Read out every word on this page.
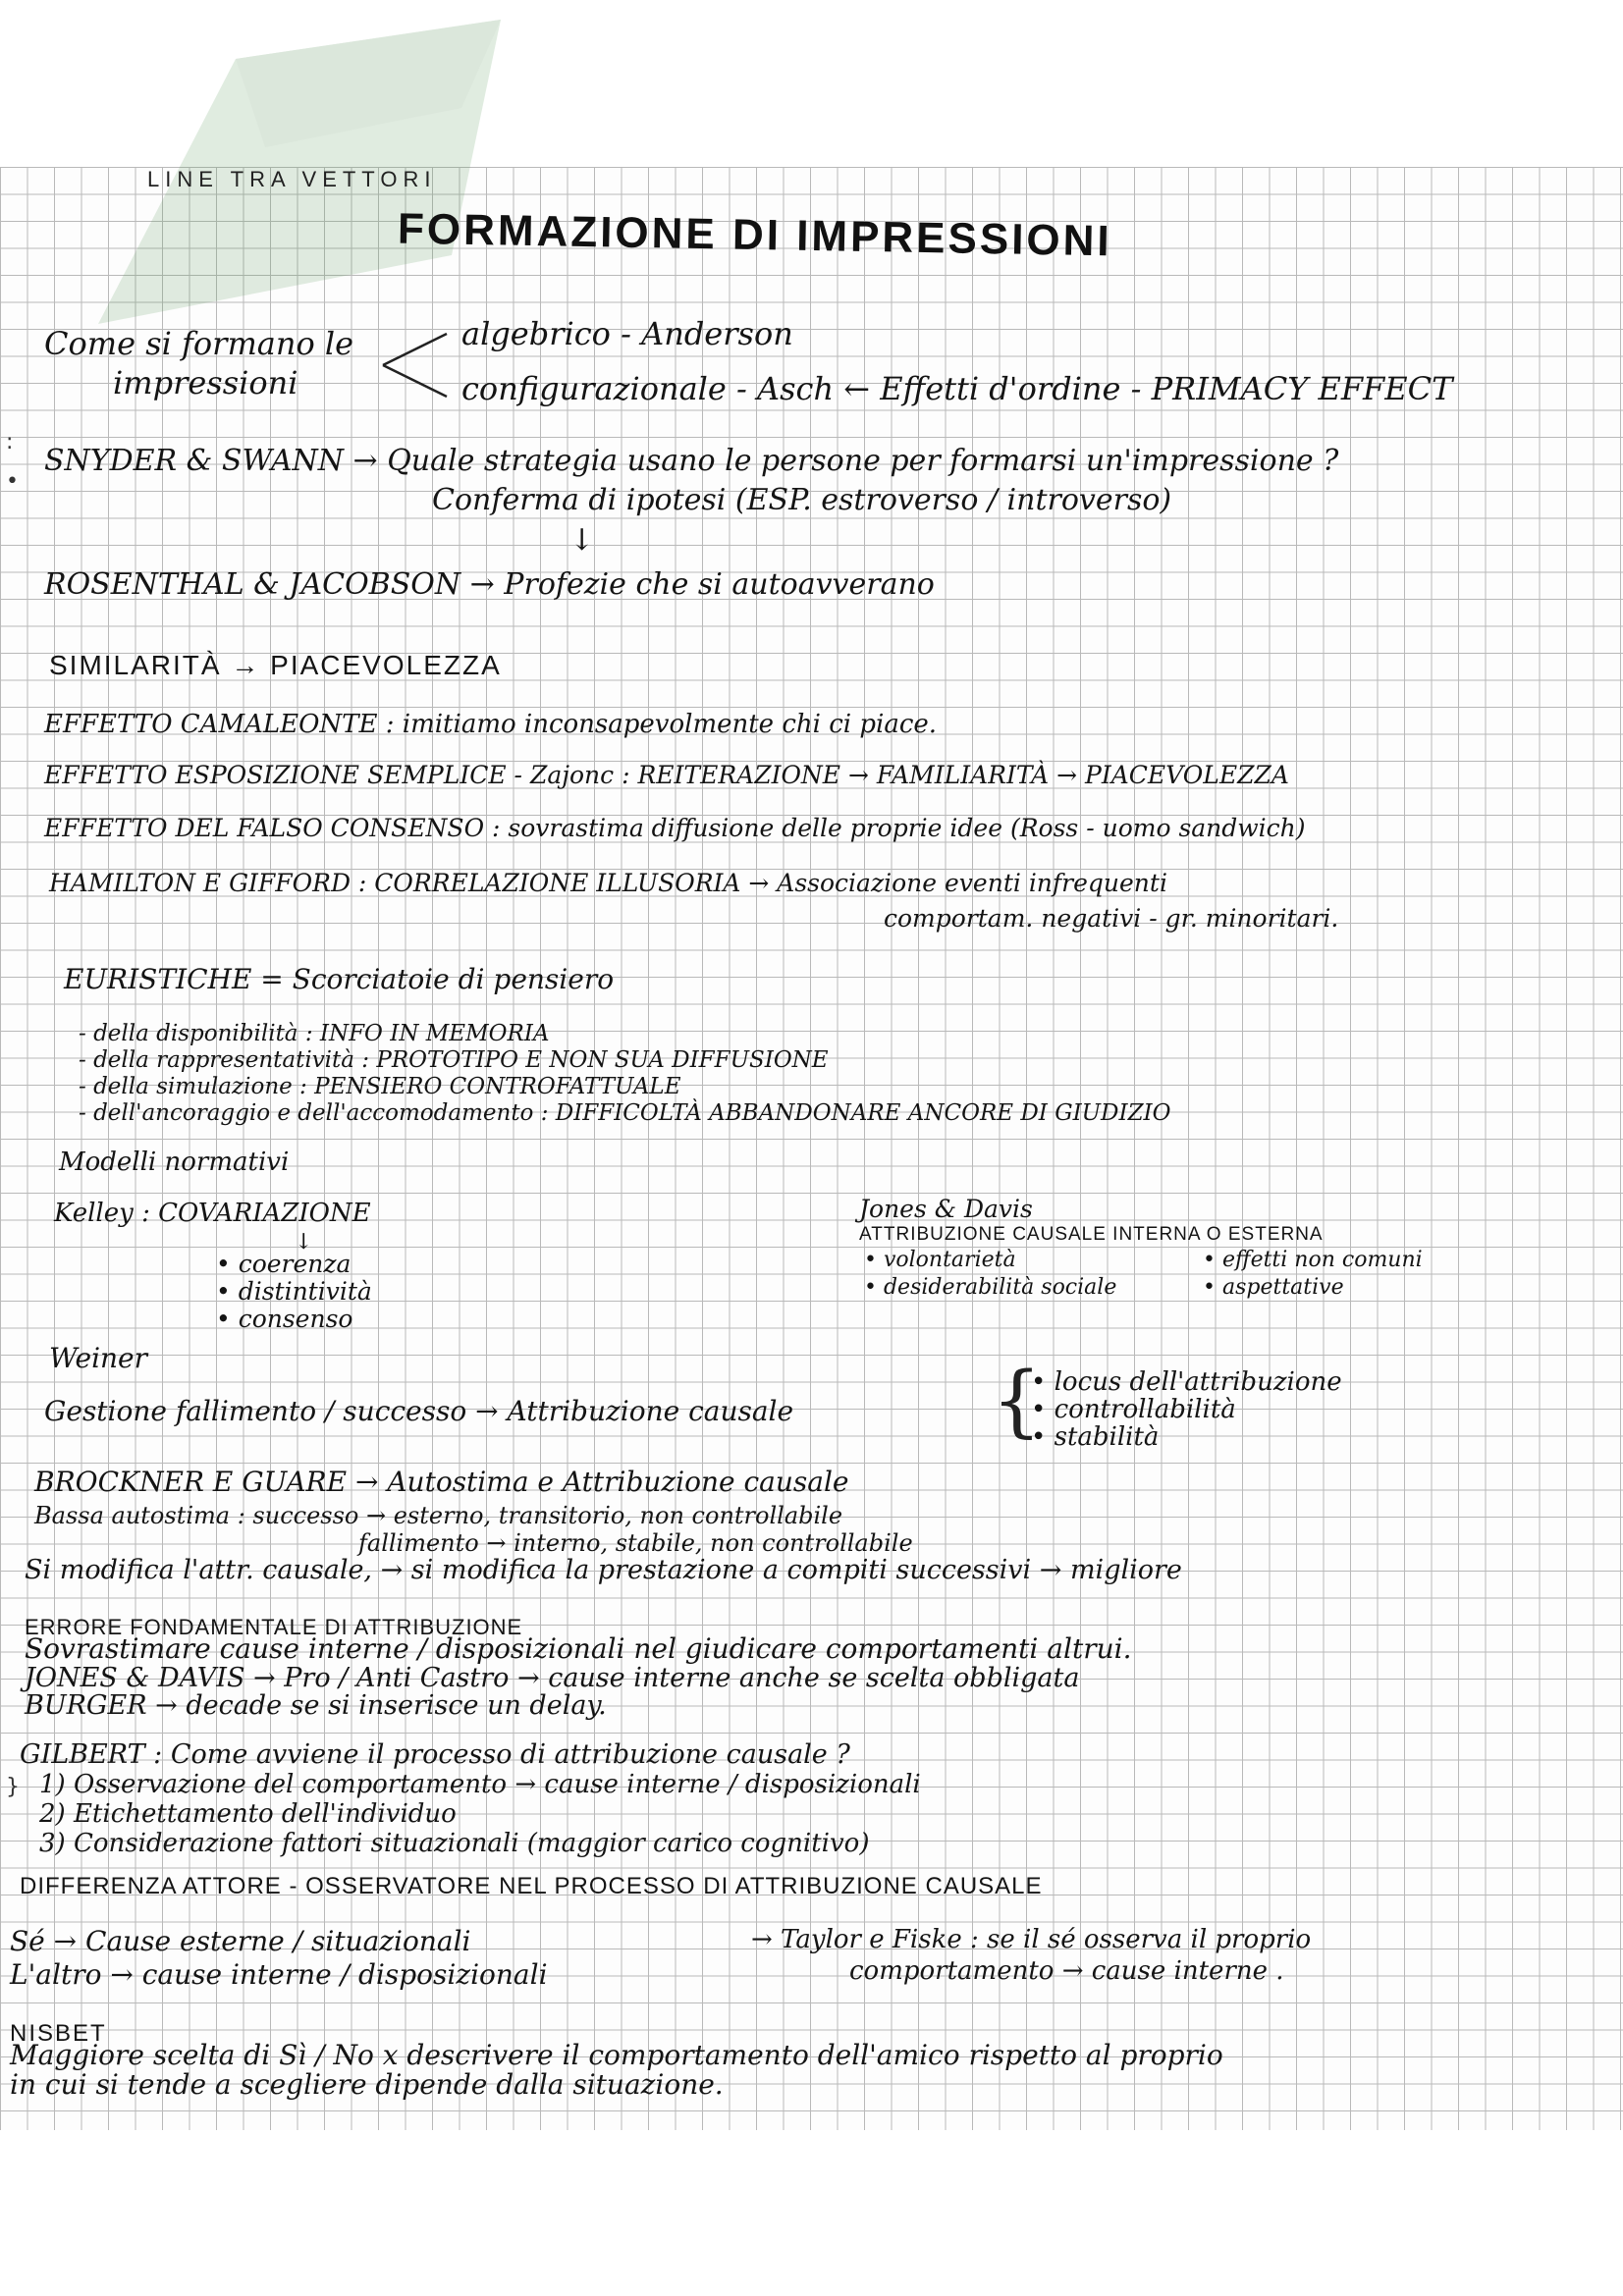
LINE TRA VETTORI
FORMAZIONE DI IMPRESSIONI
:
•
}
Come si formano le
impressioni
algebrico - Anderson
configurazionale - Asch ← Effetti d'ordine - PRIMACY EFFECT
SNYDER & SWANN → Quale strategia usano le persone per formarsi un'impressione ?
Conferma di ipotesi (ESP. estroverso / introverso)
↓
ROSENTHAL & JACOBSON → Profezie che si autoavverano
SIMILARITÀ → PIACEVOLEZZA
EFFETTO CAMALEONTE : imitiamo inconsapevolmente chi ci piace.
EFFETTO ESPOSIZIONE SEMPLICE - Zajonc : REITERAZIONE → FAMILIARITÀ → PIACEVOLEZZA
EFFETTO DEL FALSO CONSENSO : sovrastima diffusione delle proprie idee (Ross - uomo sandwich)
HAMILTON E GIFFORD : CORRELAZIONE ILLUSORIA → Associazione eventi infrequenti
comportam. negativi - gr. minoritari.
EURISTICHE = Scorciatoie di pensiero
- della disponibilità : INFO IN MEMORIA
- della rappresentatività : PROTOTIPO E NON SUA DIFFUSIONE
- della simulazione : PENSIERO CONTROFATTUALE
- dell'ancoraggio e dell'accomodamento : DIFFICOLTÀ ABBANDONARE ANCORE DI GIUDIZIO
Modelli normativi
Kelley : COVARIAZIONE
↓
• coerenza
• distintività
• consenso
Jones & Davis
ATTRIBUZIONE CAUSALE INTERNA O ESTERNA
• volontarietà
• desiderabilità sociale
• effetti non comuni
• aspettative
Weiner
Gestione fallimento / successo → Attribuzione causale	{
• locus dell'attribuzione
• controllabilità
• stabilità
BROCKNER E GUARE → Autostima e Attribuzione causale
Bassa autostima : successo → esterno, transitorio, non controllabile
fallimento → interno, stabile, non controllabile
Si modifica l'attr. causale, → si modifica la prestazione a compiti successivi → migliore
ERRORE FONDAMENTALE DI ATTRIBUZIONE
Sovrastimare cause interne / disposizionali nel giudicare comportamenti altrui.
JONES & DAVIS → Pro / Anti Castro → cause interne anche se scelta obbligata
BURGER → decade se si inserisce un delay.
GILBERT : Come avviene il processo di attribuzione causale ?
1) Osservazione del comportamento → cause interne / disposizionali
2) Etichettamento dell'individuo
3) Considerazione fattori situazionali (maggior carico cognitivo)
DIFFERENZA ATTORE - OSSERVATORE NEL PROCESSO DI ATTRIBUZIONE CAUSALE
Sé → Cause esterne / situazionali
L'altro → cause interne / disposizionali
→ Taylor e Fiske : se il sé osserva il proprio
comportamento → cause interne .
NISBET
Maggiore scelta di Sì / No x descrivere il comportamento dell'amico rispetto al proprio
in cui si tende a scegliere dipende dalla situazione.
